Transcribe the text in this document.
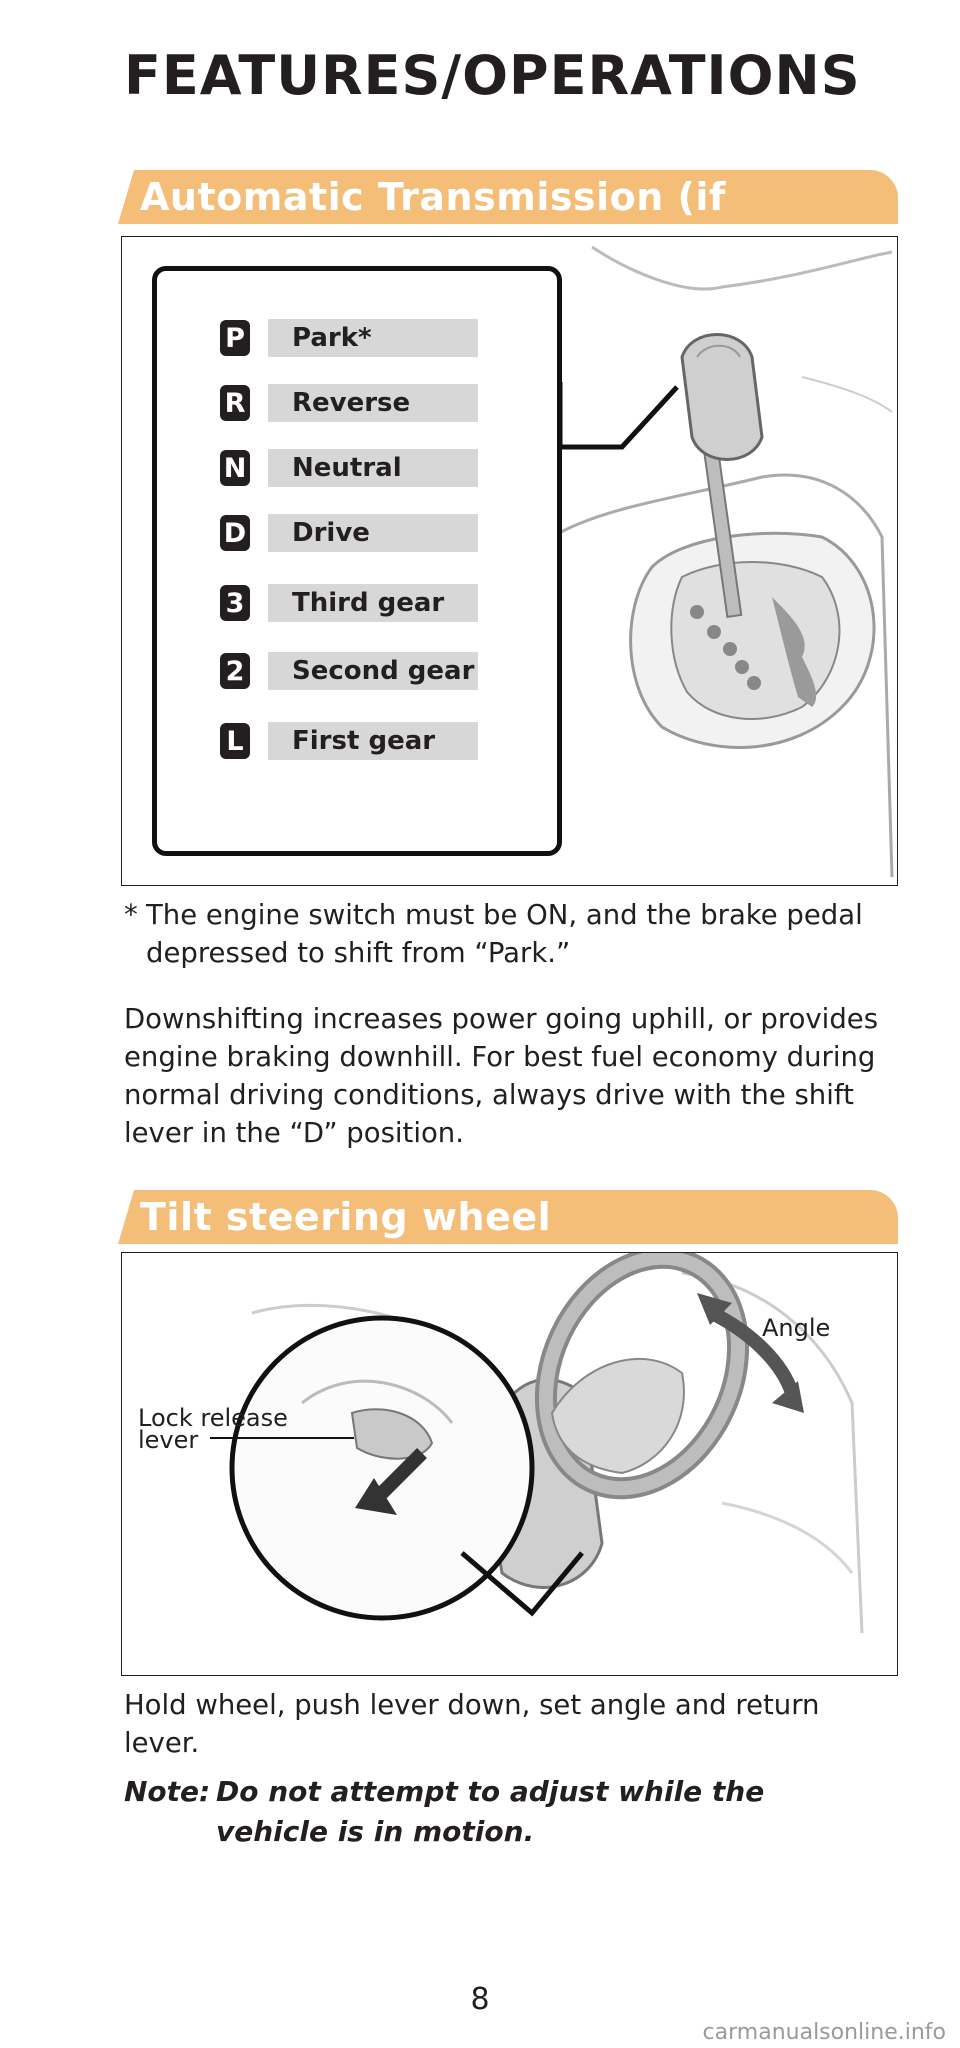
FEATURES/OPERATIONS
Automatic Transmission (if
P	Park*
R	Reverse
N	Neutral
D	Drive
3	Third gear
2	Second gear
L	First gear
* The engine switch must be ON, and the brake pedal depressed to shift from “Park.”
Downshifting increases power going uphill, or provides engine braking downhill. For best fuel economy during normal driving conditions, always drive with the shift lever in the “D” position.
Tilt steering wheel
Angle
Lock release
lever
Hold wheel, push lever down, set angle and return lever.
Note: Do not attempt to adjust while the vehicle is in motion.
8
carmanualsonline.info
